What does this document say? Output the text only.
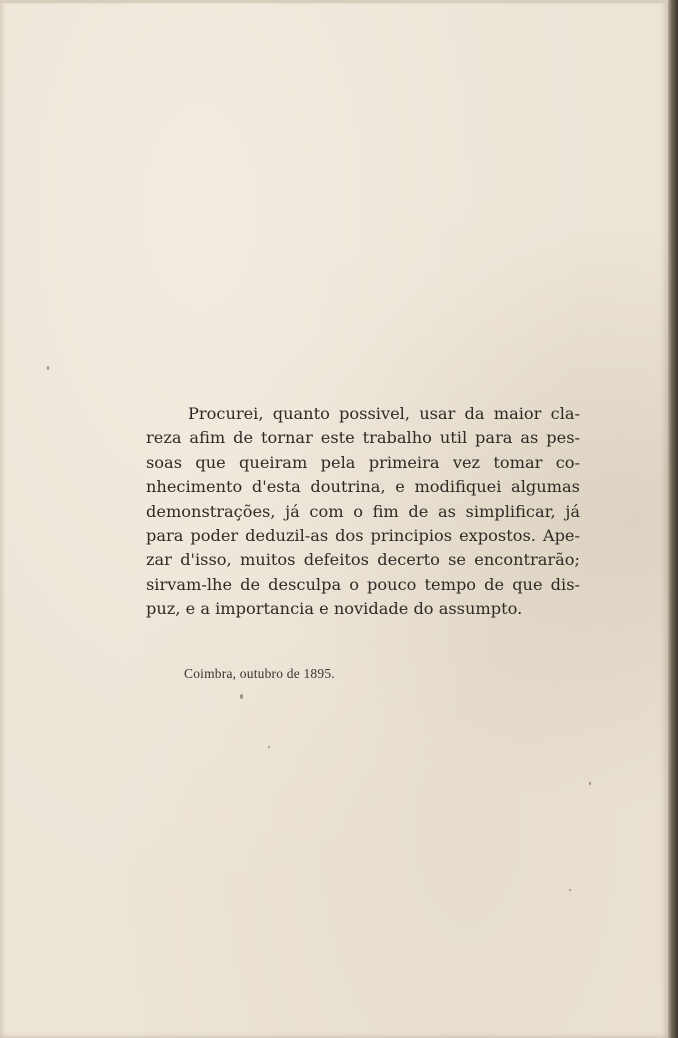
Procurei, quanto possivel, usar da maior cla-
reza afim de tornar este trabalho util para as pes-
soas que queiram pela primeira vez tomar co-
nhecimento d'esta doutrina, e modifiquei algumas
demonstrações, já com o fim de as simplificar, já
para poder deduzil-as dos principios expostos. Ape-
zar d'isso, muitos defeitos decerto se encontrarão;
sirvam-lhe de desculpa o pouco tempo de que dis-
puz, e a importancia e novidade do assumpto.
Coimbra, outubro de 1895.
